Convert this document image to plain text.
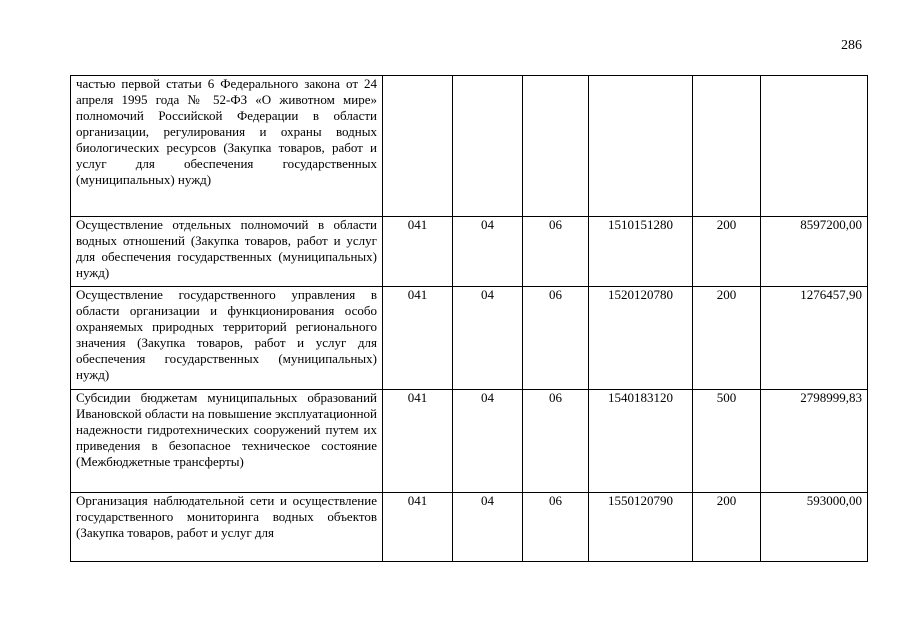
286
частью первой статьи 6 Федерального закона от 24 апреля 1995 года № 52-ФЗ «О животном мире» полномочий Российской Федерации в области организации, регулирования и охраны водных биологических ресурсов (Закупка товаров, работ и услуг для обеспечения государственных (муниципальных) нужд)						
Осуществление отдельных полномочий в области водных отношений (Закупка товаров, работ и услуг для обеспечения государственных (муниципальных) нужд)	041	04	06	1510151280	200	8597200,00
Осуществление государственного управления в области организации и функционирования особо охраняемых природных территорий регионального значения (Закупка товаров, работ и услуг для обеспечения государственных (муниципальных) нужд)	041	04	06	1520120780	200	1276457,90
Субсидии бюджетам муниципальных образований Ивановской области на повышение эксплуатационной надежности гидротехнических сооружений путем их приведения в безопасное техническое состояние (Межбюджетные трансферты)	041	04	06	1540183120	500	2798999,83
Организация наблюдательной сети и осуществление государственного мониторинга водных объектов (Закупка товаров, работ и услуг для	041	04	06	1550120790	200	593000,00
